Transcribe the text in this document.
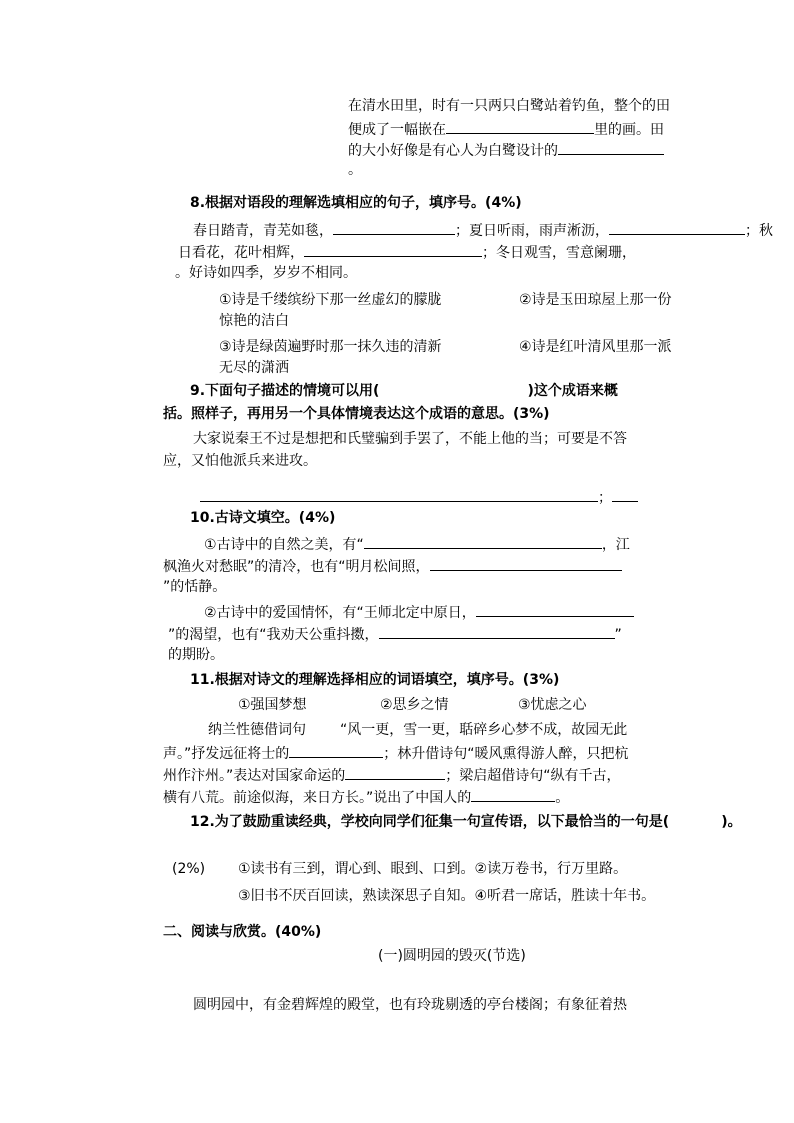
在清水田里，时有一只两只白鹭站着钓鱼，整个的田
便成了一幅嵌在	里的画。田
的大小好像是有心人为白鹭设计的
。
8.根据对语段的理解选填相应的句子，填序号。(4%)
春日踏青，青芜如毯，	；夏日听雨，雨声淅沥，	；秋
日看花，花叶相辉，	；冬日观雪，雪意阑珊，
。好诗如四季，岁岁不相同。
①诗是千缕缤纷下那一丝虚幻的朦胧	②诗是玉田琼屋上那一份
惊艳的洁白
③诗是绿茵遍野时那一抹久违的清新	④诗是红叶清风里那一派
无尽的潇洒
9.下面句子描述的情境可以用(	)这个成语来概
括。照样子，再用另一个具体情境表达这个成语的意思。(3%)
大家说秦王不过是想把和氏璧骗到手罢了，不能上他的当；可要是不答
应，又怕他派兵来进攻。
；
10.古诗文填空。(4%)
①古诗中的自然之美，有“	，江
枫渔火对愁眠”的清冷，也有“明月松间照，
”的恬静。
②古诗中的爱国情怀，有“王师北定中原日，
”的渴望，也有“我劝天公重抖擞，	”
的期盼。
11.根据对诗文的理解选择相应的词语填空，填序号。(3%)
①强国梦想	②思乡之情	③忧虑之心
纳兰性德借词句 “风一更，雪一更，聒碎乡心梦不成，故园无此
声。”抒发远征将士的	；林升借诗句“暖风熏得游人醉，只把杭
州作汴州。”表达对国家命运的	；梁启超借诗句“纵有千古，
横有八荒。前途似海，来日方长。”说出了中国人的	。
12.为了鼓励重读经典，学校向同学们征集一句宣传语，以下最恰当的一句是(	)。
(2%) ①读书有三到，谓心到、眼到、口到。②读万卷书，行万里路。
③旧书不厌百回读，熟读深思子自知。④听君一席话，胜读十年书。
二、阅读与欣赏。(40%)
(一)圆明园的毁灭(节选)
圆明园中，有金碧辉煌的殿堂，也有玲珑剔透的亭台楼阁；有象征着热
